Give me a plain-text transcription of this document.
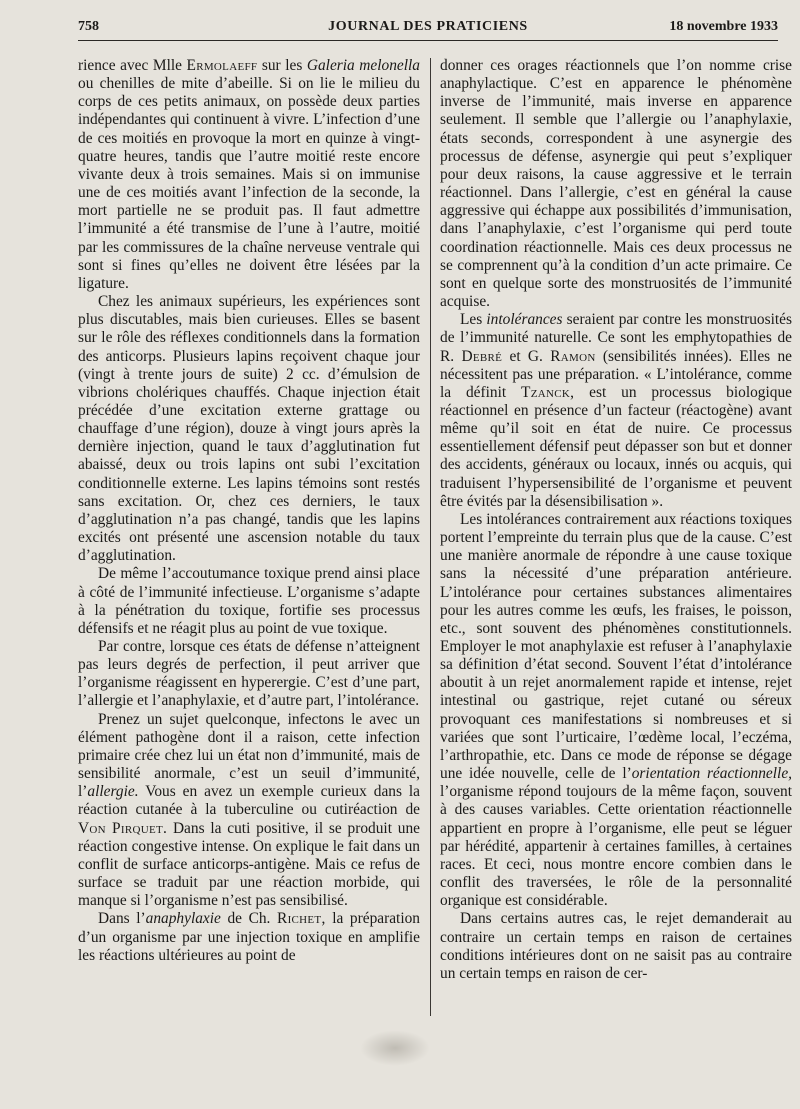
758	JOURNAL DES PRATICIENS	18 novembre 1933

rience avec Mlle Ermolaeff sur les Galeria melonella ou chenilles de mite d’abeille. Si on lie le milieu du corps de ces petits animaux, on possède deux parties indépendantes qui continuent à vivre. L’infection d’une de ces moitiés en provoque la mort en quinze à vingt-quatre heures, tandis que l’autre moitié reste encore vivante deux à trois semaines. Mais si on immunise une de ces moitiés avant l’infection de la seconde, la mort partielle ne se produit pas. Il faut admettre l’immunité a été transmise de l’une à l’autre, moitié par les commissures de la chaîne nerveuse ventrale qui sont si fines qu’elles ne doivent être lésées par la ligature.

Chez les animaux supérieurs, les expériences sont plus discutables, mais bien curieuses. Elles se basent sur le rôle des réflexes conditionnels dans la formation des anticorps. Plusieurs lapins reçoivent chaque jour (vingt à trente jours de suite) 2 cc. d’émulsion de vibrions cholériques chauffés. Chaque injection était précédée d’une excitation externe grattage ou chauffage d’une région), douze à vingt jours après la dernière injection, quand le taux d’agglutination fut abaissé, deux ou trois lapins ont subi l’excitation conditionnelle externe. Les lapins témoins sont restés sans excitation. Or, chez ces derniers, le taux d’agglutination n’a pas changé, tandis que les lapins excités ont présenté une ascension notable du taux d’agglutination.

De même l’accoutumance toxique prend ainsi place à côté de l’immunité infectieuse. L’organisme s’adapte à la pénétration du toxique, fortifie ses processus défensifs et ne réagit plus au point de vue toxique.

Par contre, lorsque ces états de défense n’atteignent pas leurs degrés de perfection, il peut arriver que l’organisme réagissent en hyperergie. C’est d’une part, l’allergie et l’anaphylaxie, et d’autre part, l’intolérance.

Prenez un sujet quelconque, infectons le avec un élément pathogène dont il a raison, cette infection primaire crée chez lui un état non d’immunité, mais de sensibilité anormale, c’est un seuil d’immunité, l’allergie. Vous en avez un exemple curieux dans la réaction cutanée à la tuberculine ou cutiréaction de Von Pirquet. Dans la cuti positive, il se produit une réaction congestive intense. On explique le fait dans un conflit de surface anticorps-antigène. Mais ce refus de surface se traduit par une réaction morbide, qui manque si l’organisme n’est pas sensibilisé.

Dans l’anaphylaxie de Ch. Richet, la préparation d’un organisme par une injection toxique en amplifie les réactions ultérieures au point de

donner ces orages réactionnels que l’on nomme crise anaphylactique. C’est en apparence le phénomène inverse de l’immunité, mais inverse en apparence seulement. Il semble que l’allergie ou l’anaphylaxie, états seconds, correspondent à une asynergie des processus de défense, asynergie qui peut s’expliquer pour deux raisons, la cause aggressive et le terrain réactionnel. Dans l’allergie, c’est en général la cause aggressive qui échappe aux possibilités d’immunisation, dans l’anaphylaxie, c’est l’organisme qui perd toute coordination réactionnelle. Mais ces deux processus ne se comprennent qu’à la condition d’un acte primaire. Ce sont en quelque sorte des monstruosités de l’immunité acquise.

Les intolérances seraient par contre les monstruosités de l’immunité naturelle. Ce sont les emphytopathies de R. Debré et G. Ramon (sensibilités innées). Elles ne nécessitent pas une préparation. « L’intolérance, comme la définit Tzanck, est un processus biologique réactionnel en présence d’un facteur (réactogène) avant même qu’il soit en état de nuire. Ce processus essentiellement défensif peut dépasser son but et donner des accidents, généraux ou locaux, innés ou acquis, qui traduisent l’hypersensibilité de l’organisme et peuvent être évités par la désensibilisation ».

Les intolérances contrairement aux réactions toxiques portent l’empreinte du terrain plus que de la cause. C’est une manière anormale de répondre à une cause toxique sans la nécessité d’une préparation antérieure. L’intolérance pour certaines substances alimentaires pour les autres comme les œufs, les fraises, le poisson, etc., sont souvent des phénomènes constitutionnels. Employer le mot anaphylaxie est refuser à l’anaphylaxie sa définition d’état second. Souvent l’état d’intolérance aboutit à un rejet anormalement rapide et intense, rejet intestinal ou gastrique, rejet cutané ou séreux provoquant ces manifestations si nombreuses et si variées que sont l’urticaire, l’œdème local, l’eczéma, l’arthropathie, etc. Dans ce mode de réponse se dégage une idée nouvelle, celle de l’orientation réactionnelle, l’organisme répond toujours de la même façon, souvent à des causes variables. Cette orientation réactionnelle appartient en propre à l’organisme, elle peut se léguer par hérédité, appartenir à certaines familles, à certaines races. Et ceci, nous montre encore combien dans le conflit des traversées, le rôle de la personnalité organique est considérable.

Dans certains autres cas, le rejet demanderait au contraire un certain temps en raison de certaines conditions intérieures dont on ne saisit pas au contraire un certain temps en raison de cer-
